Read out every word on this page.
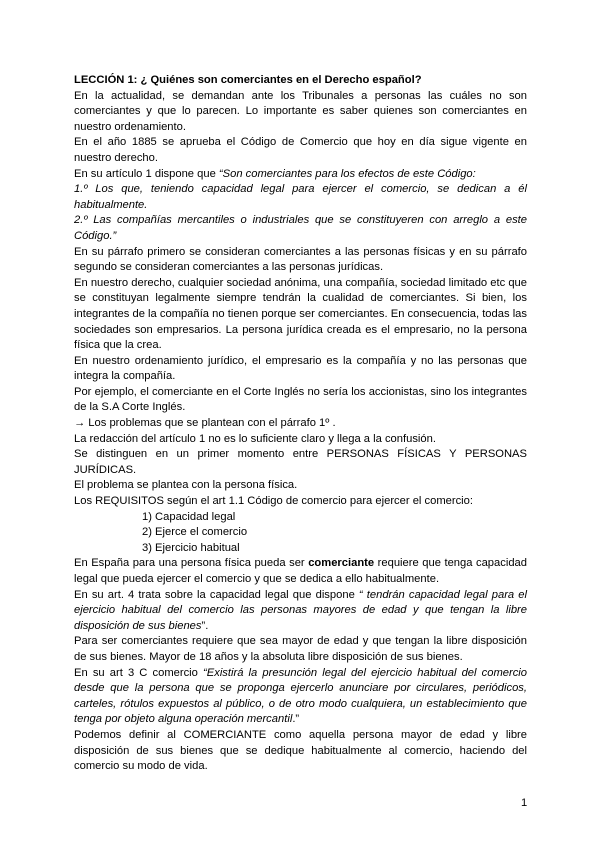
LECCIÓN 1: ¿ Quiénes son comerciantes en el Derecho español?

En la actualidad, se demandan ante los Tribunales a personas las cuáles no son comerciantes y que lo parecen. Lo importante es saber quienes son comerciantes en nuestro ordenamiento.

En el año 1885 se aprueba el Código de Comercio que hoy en día sigue vigente en nuestro derecho.

En su artículo 1 dispone que “Son comerciantes para los efectos de este Código:

1.º Los que, teniendo capacidad legal para ejercer el comercio, se dedican a él habitualmente.

2.º Las compañías mercantiles o industriales que se constituyeren con arreglo a este Código.”

En su párrafo primero se consideran comerciantes a las personas físicas y en su párrafo segundo se consideran comerciantes a las personas jurídicas.

En nuestro derecho, cualquier sociedad anónima, una compañía, sociedad limitado etc que se constituyan legalmente siempre tendrán la cualidad de comerciantes. Si bien, los integrantes de la compañía no tienen porque ser comerciantes. En consecuencia, todas las sociedades son empresarios. La persona jurídica creada es el empresario, no la persona física que la crea.

En nuestro ordenamiento jurídico, el empresario es la compañía y no las personas que integra la compañía.

Por ejemplo, el comerciante en el Corte Inglés no sería los accionistas, sino los integrantes de la S.A Corte Inglés.

→ Los problemas que se plantean con el párrafo 1º .

La redacción del artículo 1 no es lo suficiente claro y llega a la confusión.

Se distinguen en un primer momento entre PERSONAS FÍSICAS Y PERSONAS JURÍDICAS.

El problema se plantea con la persona física.

Los REQUISITOS según el art 1.1 Código de comercio para ejercer el comercio:

1) Capacidad legal
2) Ejerce el comercio
3) Ejercicio habitual

En España para una persona física pueda ser comerciante requiere que tenga capacidad legal que pueda ejercer el comercio y que se dedica a ello habitualmente.

En su art. 4 trata sobre la capacidad legal que dispone “ tendrán capacidad legal para el ejercicio habitual del comercio las personas mayores de edad y que tengan la libre disposición de sus bienes”.

Para ser comerciantes requiere que sea mayor de edad y que tengan la libre disposición de sus bienes. Mayor de 18 años y la absoluta libre disposición de sus bienes.

En su art 3 C comercio “Existirá la presunción legal del ejercicio habitual del comercio desde que la persona que se proponga ejercerlo anunciare por circulares, periódicos, carteles, rótulos expuestos al público, o de otro modo cualquiera, un establecimiento que tenga por objeto alguna operación mercantil.”

Podemos definir al COMERCIANTE como aquella persona mayor de edad y libre disposición de sus bienes que se dedique habitualmente al comercio, haciendo del comercio su modo de vida.

1
